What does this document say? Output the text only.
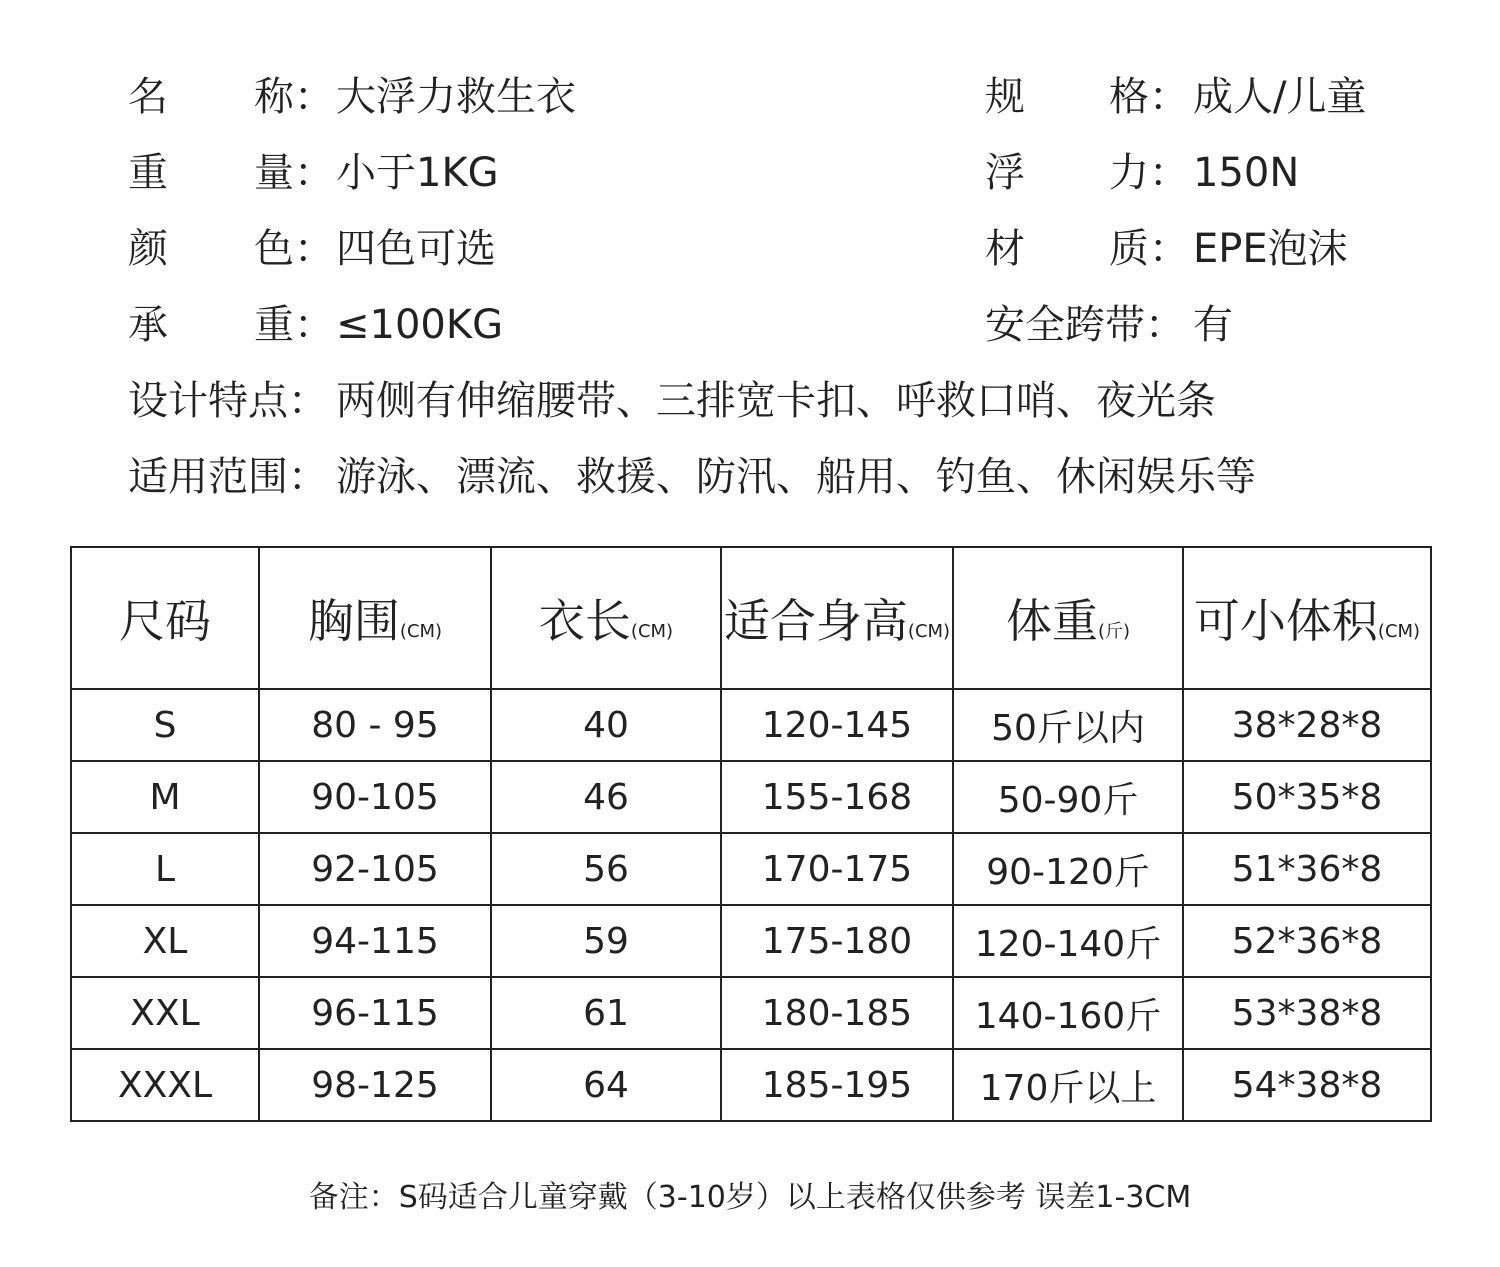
名 称： 大浮力救生衣
重 量： 小于1KG
颜 色： 四色可选
承 重： ≤100KG
规 格： 成人/儿童
浮 力： 150N
材 质： EPE泡沫
安全跨带： 有
设计特点： 两侧有伸缩腰带、三排宽卡扣、呼救口哨、夜光条
适用范围： 游泳、漂流、救援、防汛、船用、钓鱼、休闲娱乐等
尺码	胸围(CM)	衣长(CM)	适合身高(CM)	体重(斤)	可小体积(CM)
S	80 - 95	40	120-145	50斤以内	38*28*8
M	90-105	46	155-168	50-90斤	50*35*8
L	92-105	56	170-175	90-120斤	51*36*8
XL	94-115	59	175-180	120-140斤	52*36*8
XXL	96-115	61	180-185	140-160斤	53*38*8
XXXL	98-125	64	185-195	170斤以上	54*38*8
备注：S码适合儿童穿戴（3-10岁）以上表格仅供参考 误差1-3CM
